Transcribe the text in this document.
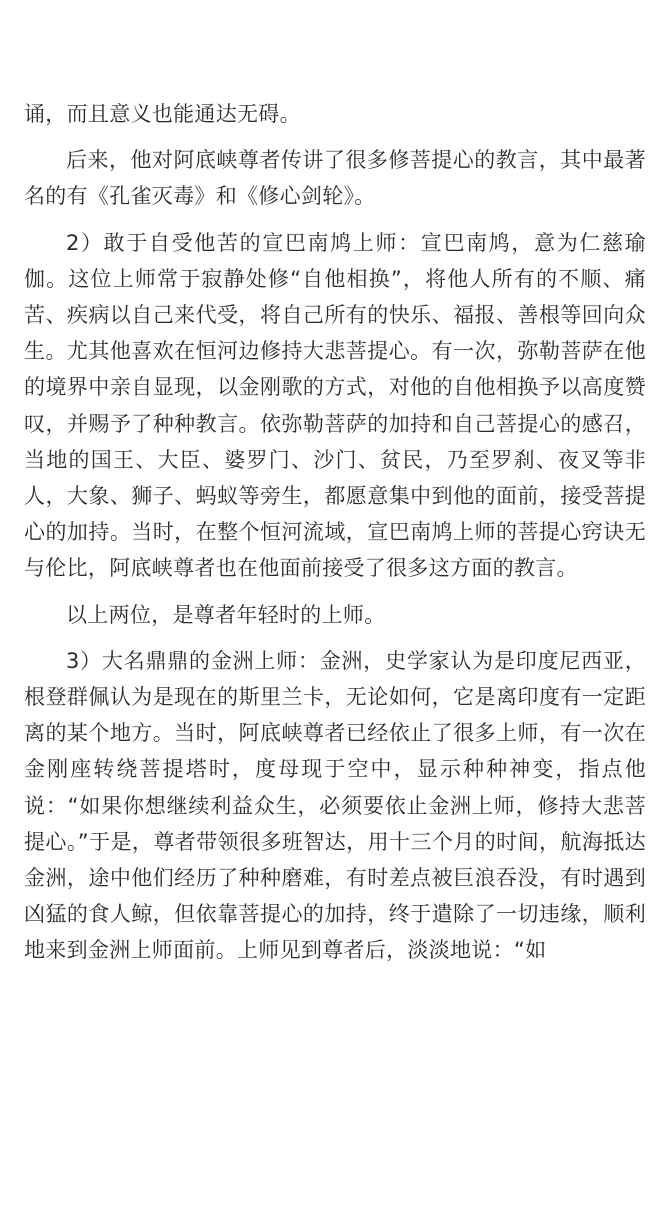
诵，而且意义也能通达无碍。

后来，他对阿底峡尊者传讲了很多修菩提心的教言，其中最著名的有《孔雀灭毒》和《修心剑轮》。

2）敢于自受他苦的宣巴南鸠上师：宣巴南鸠，意为仁慈瑜伽。这位上师常于寂静处修“自他相换”，将他人所有的不顺、痛苦、疾病以自己来代受，将自己所有的快乐、福报、善根等回向众生。尤其他喜欢在恒河边修持大悲菩提心。有一次，弥勒菩萨在他的境界中亲自显现，以金刚歌的方式，对他的自他相换予以高度赞叹，并赐予了种种教言。依弥勒菩萨的加持和自己菩提心的感召，当地的国王、大臣、婆罗门、沙门、贫民，乃至罗刹、夜叉等非人，大象、狮子、蚂蚁等旁生，都愿意集中到他的面前，接受菩提心的加持。当时，在整个恒河流域，宣巴南鸠上师的菩提心窍诀无与伦比，阿底峡尊者也在他面前接受了很多这方面的教言。

以上两位，是尊者年轻时的上师。

3）大名鼎鼎的金洲上师：金洲，史学家认为是印度尼西亚，根登群佩认为是现在的斯里兰卡，无论如何，它是离印度有一定距离的某个地方。当时，阿底峡尊者已经依止了很多上师，有一次在金刚座转绕菩提塔时，度母现于空中，显示种种神变，指点他说：“如果你想继续利益众生，必须要依止金洲上师，修持大悲菩提心。”于是，尊者带领很多班智达，用十三个月的时间，航海抵达金洲，途中他们经历了种种磨难，有时差点被巨浪吞没，有时遇到凶猛的食人鲸，但依靠菩提心的加持，终于遣除了一切违缘，顺利地来到金洲上师面前。上师见到尊者后，淡淡地说：“如
